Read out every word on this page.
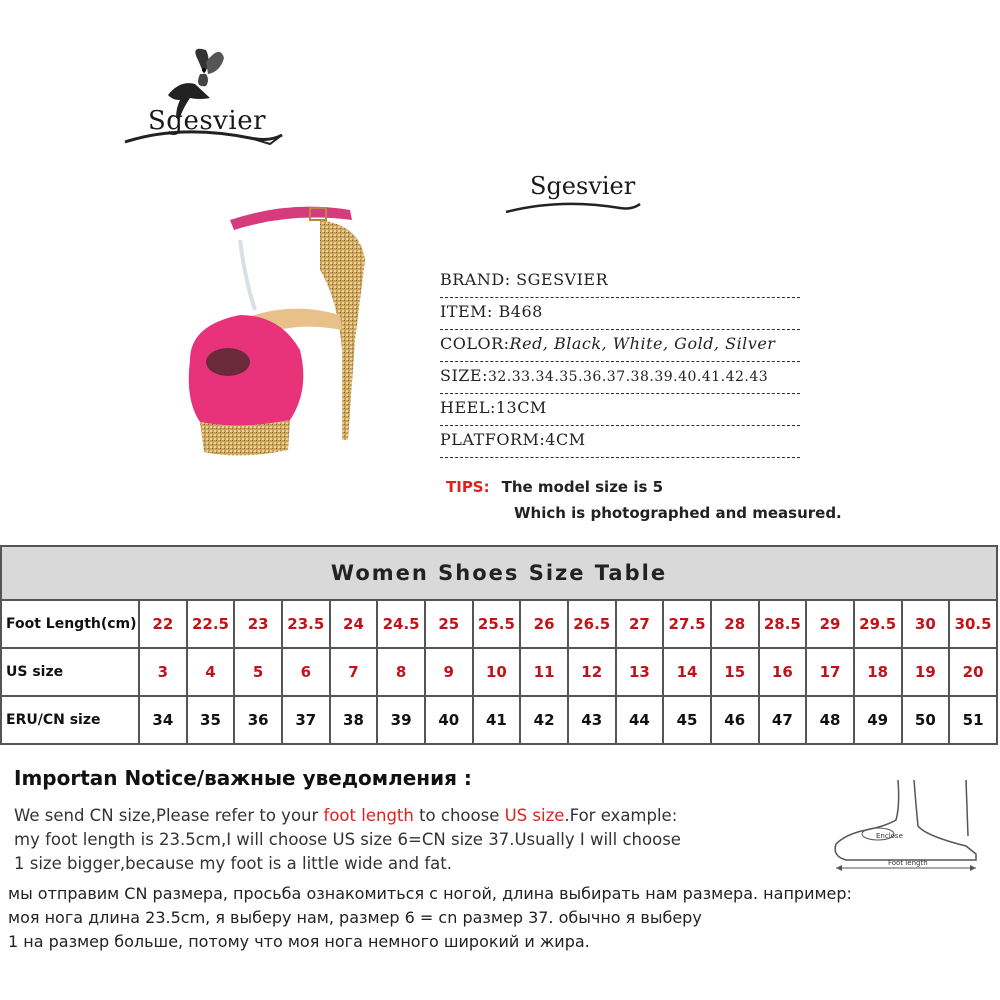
Sgesvier
Sgesvier
BRAND: SGESVIER
ITEM: B468
COLOR:Red, Black, White, Gold, Silver
SIZE:32.33.34.35.36.37.38.39.40.41.42.43
HEEL:13CM
PLATFORM:4CM
TIPS: The model size is 5
Which is photographed and measured.
Women Shoes Size Table																		
Foot Length(cm)	22	22.5	23	23.5	24	24.5	25	25.5	26	26.5	27	27.5	28	28.5	29	29.5	30	30.5
US size	3	4	5	6	7	8	9	10	11	12	13	14	15	16	17	18	19	20
ERU/CN size	34	35	36	37	38	39	40	41	42	43	44	45	46	47	48	49	50	51
Importan Notice/важные уведомления :
We send CN size,Please refer to your foot length to choose US size.For example:
my foot length is 23.5cm,I will choose US size 6=CN size 37.Usually I will choose
1 size bigger,because my foot is a little wide and fat.
мы отправим CN размера, просьба ознакомиться с ногой, длина выбирать нам размера. например:
моя нога длина 23.5cm, я выберу нам, размер 6 = cn размер 37. обычно я выберу
1 на размер больше, потому что моя нога немного широкий и жира.
Enclose
Foot length
